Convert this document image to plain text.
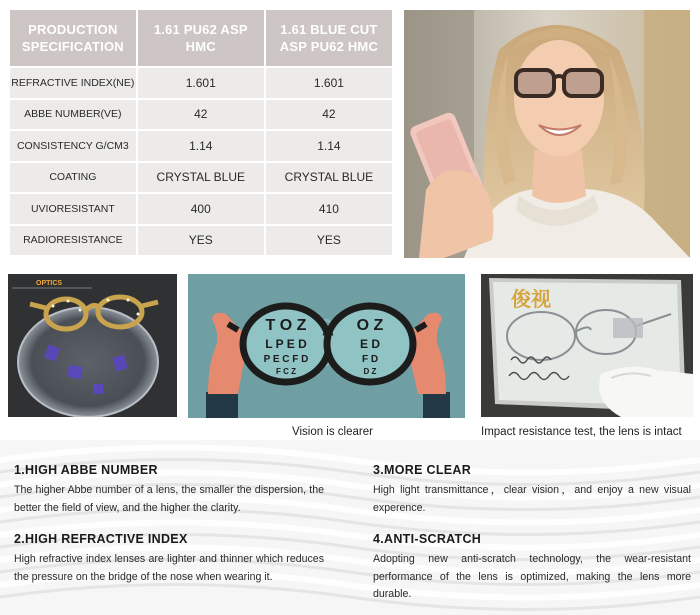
PRODUCTION SPECIFICATION	1.61 PU62 ASP HMC	1.61 BLUE CUT ASP PU62 HMC
REFRACTIVE INDEX(NE)	1.601	1.601
ABBE NUMBER(VE)	42	42
CONSISTENCY G/CM3	1.14	1.14
COATING	CRYSTAL BLUE	CRYSTAL BLUE
UVIORESISTANT	400	410
RADIORESISTANCE	YES	YES
OPTICS
T O Z
L P E D
P E C F D
F C Z
O Z
E D
F D
D Z
俊视
Vision is clearer	Impact resistance test, the lens is intact
1.HIGH ABBE NUMBER

The higher Abbe number of a lens, the smaller the dispersion, the better the field of view, and the higher the clarity.

2.HIGH REFRACTIVE INDEX

High refractive index lenses are lighter and thinner which reduces the pressure on the bridge of the nose when wearing it.

3.MORE CLEAR

High light transmittance，clear vision，and enjoy a new visual experence.

4.ANTI-SCRATCH

Adopting new anti-scratch technology, the wear-resistant performance of the lens is optimized, making the lens more durable.
